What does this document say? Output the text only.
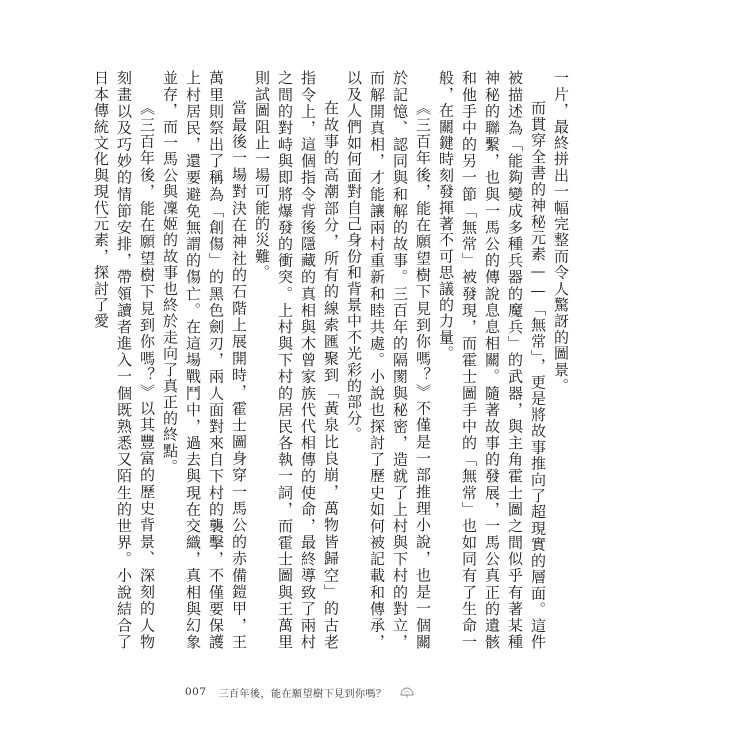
一片，最終拼出一幅完整而令人驚訝的圖景。

而貫穿全書的神秘元素——「無常」，更是將故事推向了超現實的層面。這件被描述為「能夠變成多種兵器的魔兵」的武器，與主角霍士圖之間似乎有著某種神秘的聯繫，也與一馬公的傳說息息相關。隨著故事的發展，一馬公真正的遺骸和他手中的另一節「無常」被發現，而霍士圖手中的「無常」也如同有了生命一般，在關鍵時刻發揮著不可思議的力量。

《三百年後，能在願望樹下見到你嗎？》不僅是一部推理小說，也是一個關於記憶、認同與和解的故事。三百年的隔閡與秘密，造就了上村與下村的對立，而解開真相，才能讓兩村重新和睦共處。小說也探討了歷史如何被記載和傳承，以及人們如何面對自己身份和背景中不光彩的部分。

在故事的高潮部分，所有的線索匯聚到「黃泉比良崩，萬物皆歸空」的古老指令上，這個指令背後隱藏的真相與木曾家族代代相傳的使命，最終導致了兩村之間的對峙與即將爆發的衝突。上村與下村的居民各執一詞，而霍士圖與王萬里則試圖阻止一場可能的災難。

當最後一場對決在神社的石階上展開時，霍士圖身穿一馬公的赤備鎧甲，王萬里則祭出了稱為「創傷」的黑色劍刃，兩人面對來自下村的襲擊，不僅要保護上村居民，還要避免無謂的傷亡。在這場戰鬥中，過去與現在交織，真相與幻象並存，而一馬公與凜姬的故事也終於走向了真正的終點。

《三百年後，能在願望樹下見到你嗎？》以其豐富的歷史背景、深刻的人物刻畫以及巧妙的情節安排，帶領讀者進入一個既熟悉又陌生的世界。小說結合了日本傳統文化與現代元素，探討了愛

007 三百年後，能在願望樹下見到你嗎？
